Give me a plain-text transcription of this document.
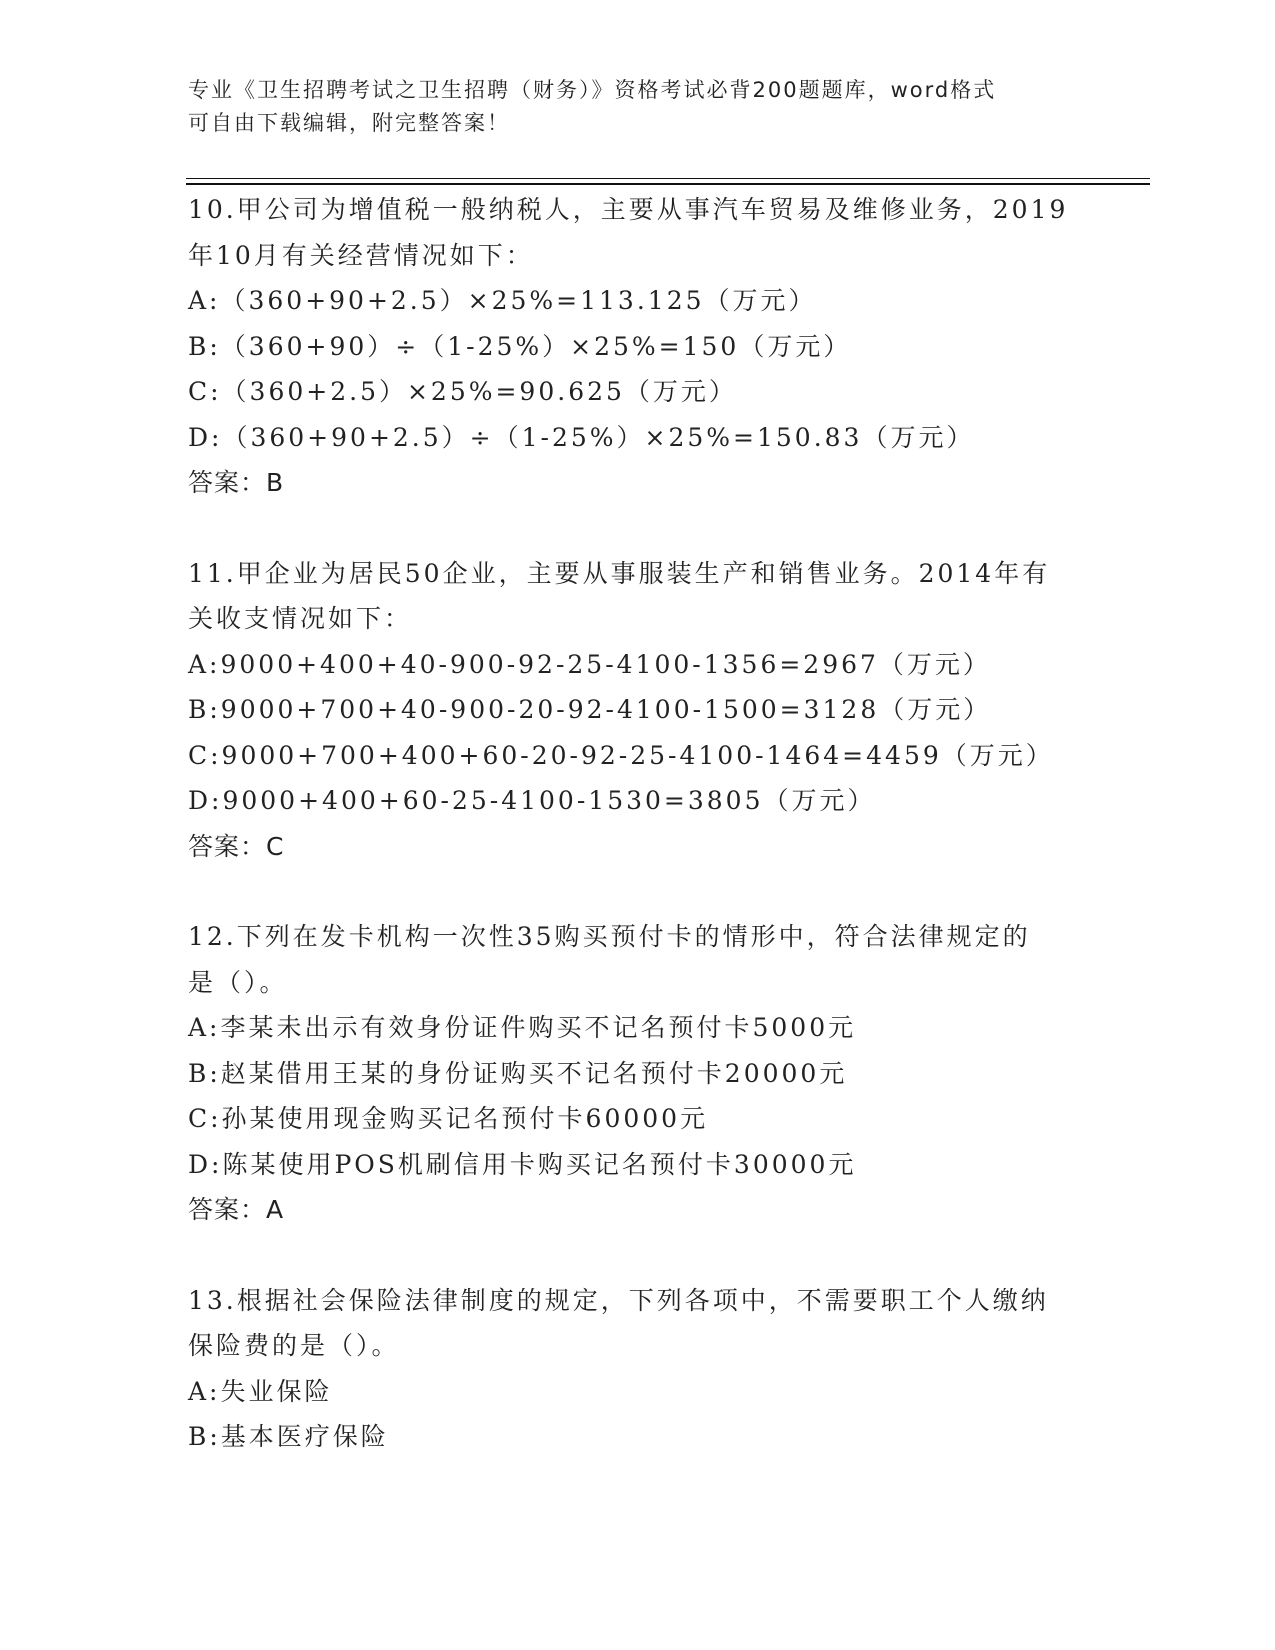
专业《卫生招聘考试之卫生招聘（财务）》资格考试必背200题题库，word格式
可自由下载编辑，附完整答案！
10.甲公司为增值税一般纳税人，主要从事汽车贸易及维修业务，2019
年10月有关经营情况如下：
A:（360+90+2.5）×25%=113.125（万元）
B:（360+90）÷（1-25%）×25%=150（万元）
C:（360+2.5）×25%=90.625（万元）
D:（360+90+2.5）÷（1-25%）×25%=150.83（万元）
答案：B
11.甲企业为居民50企业，主要从事服装生产和销售业务。2014年有
关收支情况如下：
A:9000+400+40-900-92-25-4100-1356=2967（万元）
B:9000+700+40-900-20-92-4100-1500=3128（万元）
C:9000+700+400+60-20-92-25-4100-1464=4459（万元）
D:9000+400+60-25-4100-1530=3805（万元）
答案：C
12.下列在发卡机构一次性35购买预付卡的情形中，符合法律规定的
是（）。
A:李某未出示有效身份证件购买不记名预付卡5000元
B:赵某借用王某的身份证购买不记名预付卡20000元
C:孙某使用现金购买记名预付卡60000元
D:陈某使用POS机刷信用卡购买记名预付卡30000元
答案：A
13.根据社会保险法律制度的规定，下列各项中，不需要职工个人缴纳
保险费的是（）。
A:失业保险
B:基本医疗保险
